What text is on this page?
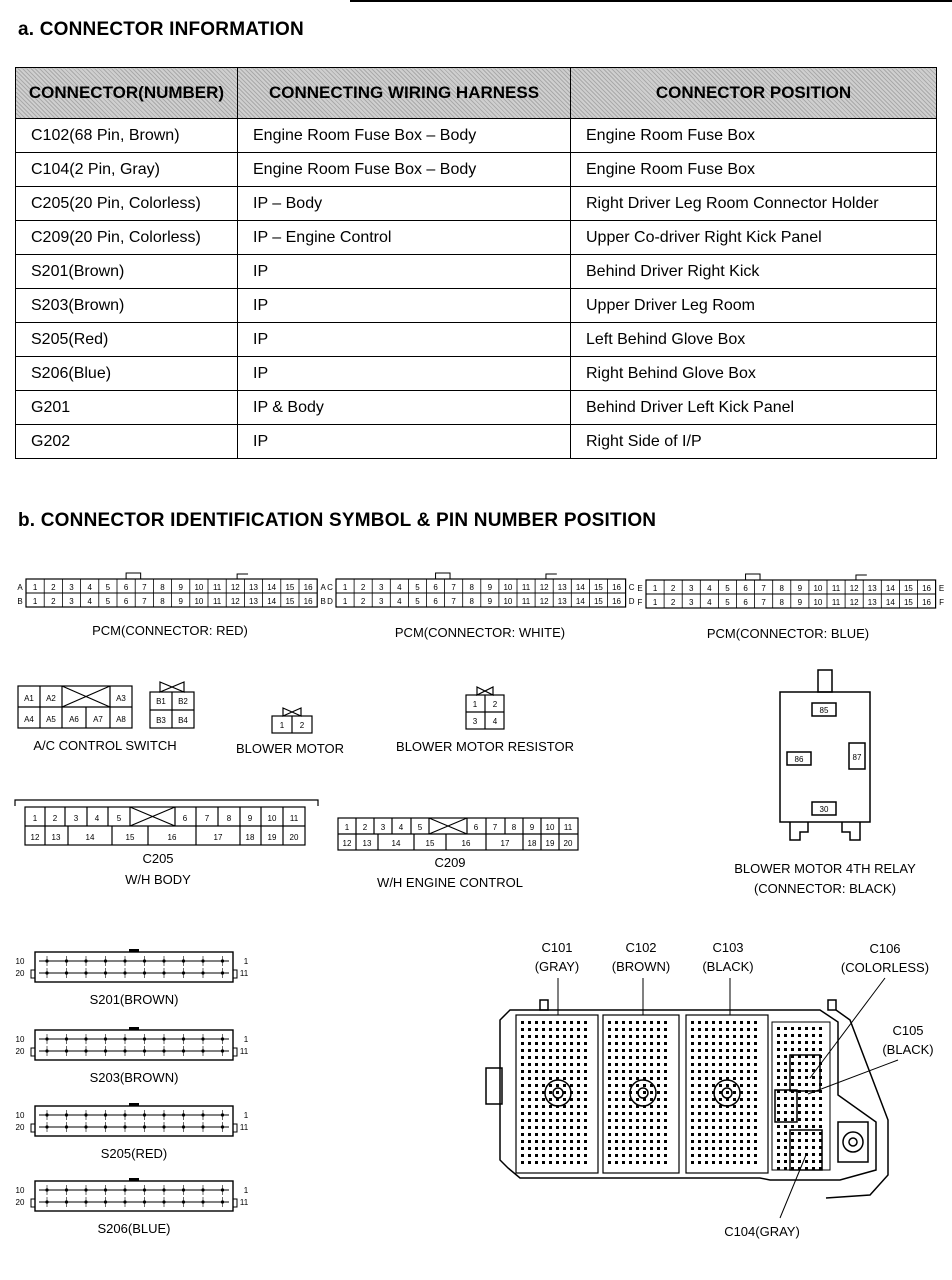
a. CONNECTOR INFORMATION
CONNECTOR(NUMBER)	CONNECTING WIRING HARNESS	CONNECTOR POSITION
C102(68 Pin, Brown)	Engine Room Fuse Box – Body	Engine Room Fuse Box
C104(2 Pin, Gray)	Engine Room Fuse Box – Body	Engine Room Fuse Box
C205(20 Pin, Colorless)	IP – Body	Right Driver Leg Room Connector Holder
C209(20 Pin, Colorless)	IP – Engine Control	Upper Co-driver Right Kick Panel
S201(Brown)	IP	Behind Driver Right Kick
S203(Brown)	IP	Upper Driver Leg Room
S205(Red)	IP	Left Behind Glove Box
S206(Blue)	IP	Right Behind Glove Box
G201	IP & Body	Behind Driver Left Kick Panel
G202	IP	Right Side of I/P
b. CONNECTOR IDENTIFICATION SYMBOL & PIN NUMBER POSITION
1
1
2
2
3
3
4
4
5
5
6
6
7
7
8
8
9
9
10
10
11
11
12
12
13
13
14
14
15
15
16
16
A
B
A
B
1
1
2
2
3
3
4
4
5
5
6
6
7
7
8
8
9
9
10
10
11
11
12
12
13
13
14
14
15
15
16
16
C
D
C
D
1
1
2
2
3
3
4
4
5
5
6
6
7
7
8
8
9
9
10
10
11
11
12
12
13
13
14
14
15
15
16
16
E
F
E
F
PCM(CONNECTOR: RED)	PCM(CONNECTOR: WHITE)	PCM(CONNECTOR: BLUE)
A1 A2	A3
A4 A5 A6 A7 A8
B1 B2
B3 B4
A/C CONTROL SWITCH
1 2
BLOWER MOTOR
1 2
3 4
BLOWER MOTOR RESISTOR
85
86	87
30
BLOWER MOTOR 4TH RELAY
(CONNECTOR: BLACK)
1 2 3 4 5	6 7 8 9 10 11
12 13	14	15	16	17	18 19 20
C205
W/H BODY
1 2 3 4 5	6 7 8 9 10 11
12 13	14	15	16	17 18 19 20
C209
W/H ENGINE CONTROL
10
20
1
11
S201(BROWN)
10
20
1
11
S203(BROWN)
10
20
1
11
S205(RED)
10
20
1
11
S206(BLUE)
C101
(GRAY)
C102
(BROWN)
C103
(BLACK)
C106
(COLORLESS)
C105
(BLACK)
C104(GRAY)
